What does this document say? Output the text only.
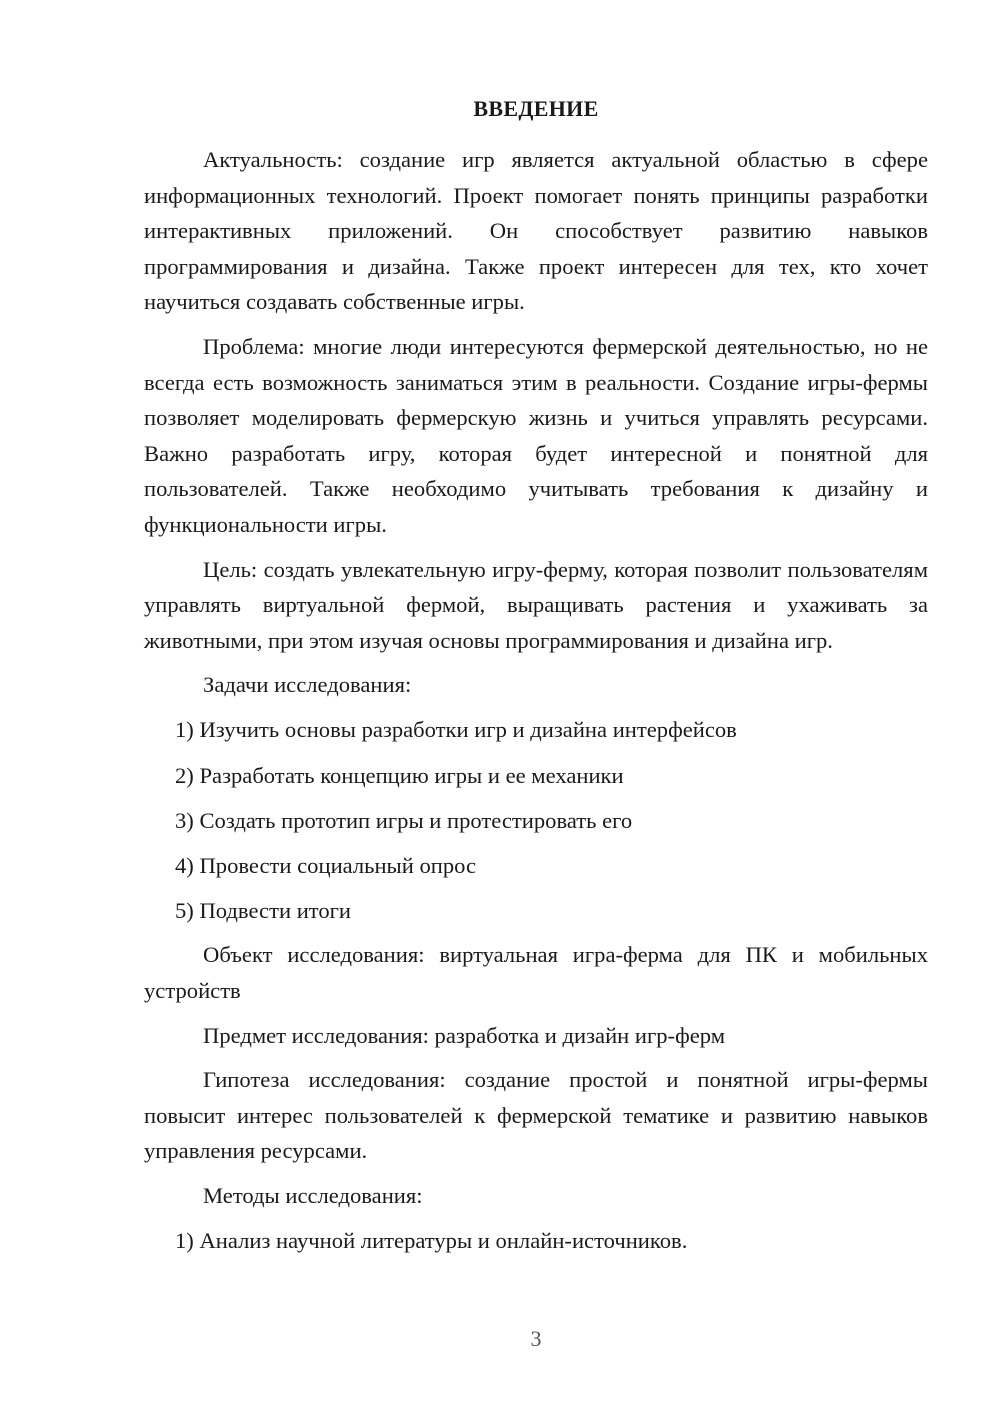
ВВЕДЕНИЕ

Актуальность: создание игр является актуальной областью в сфере информационных технологий. Проект помогает понять принципы разработки интерактивных приложений. Он способствует развитию навыков программирования и дизайна. Также проект интересен для тех, кто хочет научиться создавать собственные игры.

Проблема: многие люди интересуются фермерской деятельностью, но не всегда есть возможность заниматься этим в реальности. Создание игры-фермы позволяет моделировать фермерскую жизнь и учиться управлять ресурсами. Важно разработать игру, которая будет интересной и понятной для пользователей. Также необходимо учитывать требования к дизайну и функциональности игры.

Цель: создать увлекательную игру-ферму, которая позволит пользователям управлять виртуальной фермой, выращивать растения и ухаживать за животными, при этом изучая основы программирования и дизайна игр.

Задачи исследования:

1) Изучить основы разработки игр и дизайна интерфейсов

2) Разработать концепцию игры и ее механики

3) Создать прототип игры и протестировать его

4) Провести социальный опрос

5) Подвести итоги

Объект исследования: виртуальная игра-ферма для ПК и мобильных устройств

Предмет исследования: разработка и дизайн игр-ферм

Гипотеза исследования: создание простой и понятной игры-фермы повысит интерес пользователей к фермерской тематике и развитию навыков управления ресурсами.

Методы исследования:

1) Анализ научной литературы и онлайн-источников.

3
